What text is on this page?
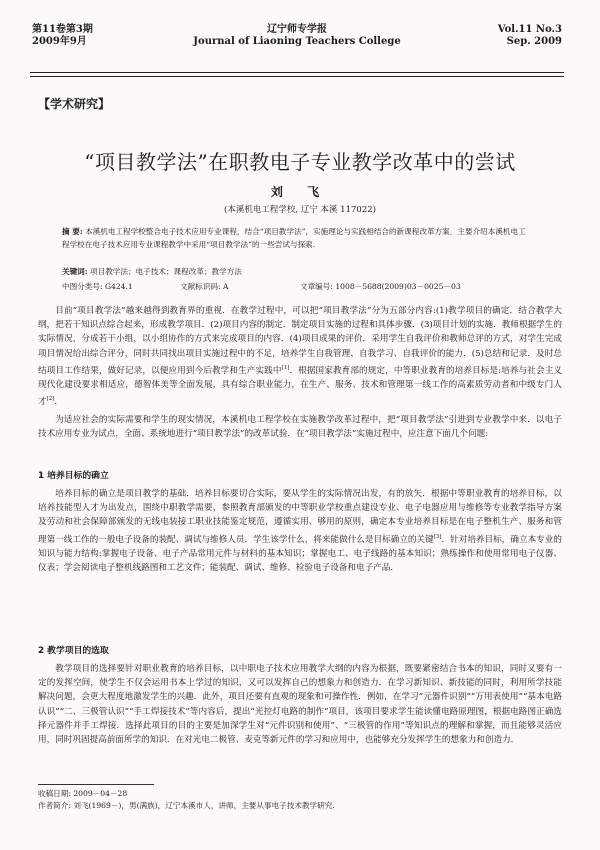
第11卷第3期
2009年9月
辽宁师专学报
Journal of Liaoning Teachers College
Vol.11 No.3
Sep. 2009
【学术研究】
“项目教学法”在职教电子专业教学改革中的尝试
刘 飞
(本溪机电工程学校, 辽宁 本溪 117022)
摘 要: 本溪机电工程学校整合电子技术应用专业课程，结合“项目教学法”，实施理论与实践相结合的新课程改革方案．主要介绍本溪机电工程学校在电子技术应用专业课程教学中采用“项目教学法”的一些尝试与探索.
关键词: 项目教学法；电子技术；课程改革；教学方法
中图分类号: G424.1	文献标识码: A	文章编号: 1008－5688(2009)03－0025－03
目前“项目教学法”越来越得到教育界的重视．在教学过程中，可以把“项目教学法”分为五部分内容:(1)教学项目的确定．结合教学大纲，把若干知识点综合起来，形成教学项目．(2)项目内容的制定．制定项目实施的过程和具体步骤．(3)项目计划的实施．教师根据学生的实际情况，分成若干小组，以小组协作的方式来完成项目的内容．(4)项目成果的评价．采用学生自我评价和教师总评的方式，对学生完成项目情况给出综合评分，同时共同找出项目实施过程中的不足，培养学生自我管理、自我学习、自我评价的能力．(5)总结和记录．及时总结项目工作结果，做好记录，以便应用到今后教学和生产实践中[1]．根据国家教育部的规定，中等职业教育的培养目标是:培养与社会主义现代化建设要求相适应，德智体美等全面发展，具有综合职业能力，在生产、服务、技术和管理第一线工作的高素质劳动者和中级专门人才[2]．
为适应社会的实际需要和学生的现实情况，本溪机电工程学校在实施教学改革过程中，把“项目教学法”引进到专业教学中来．以电子技术应用专业为试点，全面、系统地进行“项目教学法”的改革试验．在“项目教学法”实施过程中，应注意下面几个问题:
1 培养目标的确立
培养目标的确立是项目教学的基础．培养目标要切合实际，要从学生的实际情况出发，有的放矢．根据中等职业教育的培养目标，以培养技能型人才为出发点，围绕中职教学需要，参照教育部颁发的中等职业学校重点建设专业、电子电器应用与维修等专业教学指导方案及劳动和社会保障部颁发的无线电装接工职业技能鉴定规范，遵循实用、够用的原则，确定本专业培养目标是在电子整机生产、服务和管理第一线工作的一般电子设备的装配、调试与维修人员．学生该学什么，将来能做什么是目标确立的关键[3]．针对培养目标，确立本专业的知识与能力结构:掌握电子设备、电子产品常用元件与材料的基本知识；掌握电工、电子线路的基本知识；熟练操作和使用常用电子仪器、仪表；学会阅读电子整机线路图和工艺文件；能装配、调试、维修、检验电子设备和电子产品．
2 教学项目的选取
教学项目的选择要针对职业教育的培养目标，以中职电子技术应用教学大纲的内容为根据，既要紧密结合书本的知识，同时又要有一定的发挥空间，使学生不仅会运用书本上学过的知识，又可以发挥自己的想象力和创造力．在学习新知识、新技能的同时，利用所学技能解决问题，会更大程度地激发学生的兴趣．此外，项目还要有直观的现象和可操作性．例如，在学习“元器件识别”“万用表使用”“基本电路认识”“二、三极管认识”“手工焊接技术”等内容后，提出“光控灯电路的制作”项目，该项目要求学生能读懂电路原理图，根据电路图正确选择元器件并手工焊接．选择此项目的目的主要是加深学生对“元件识别和使用”、“三极管的作用”等知识点的理解和掌握，而且能够灵活应用，同时巩固提高前面所学的知识．在对光电二极管、麦克等新元件的学习和应用中，也能够充分发挥学生的想象力和创造力．
收稿日期: 2009－04－28
作者简介: 刘飞(1969－)，男(满族)，辽宁本溪市人，讲师，主要从事电子技术教学研究.
